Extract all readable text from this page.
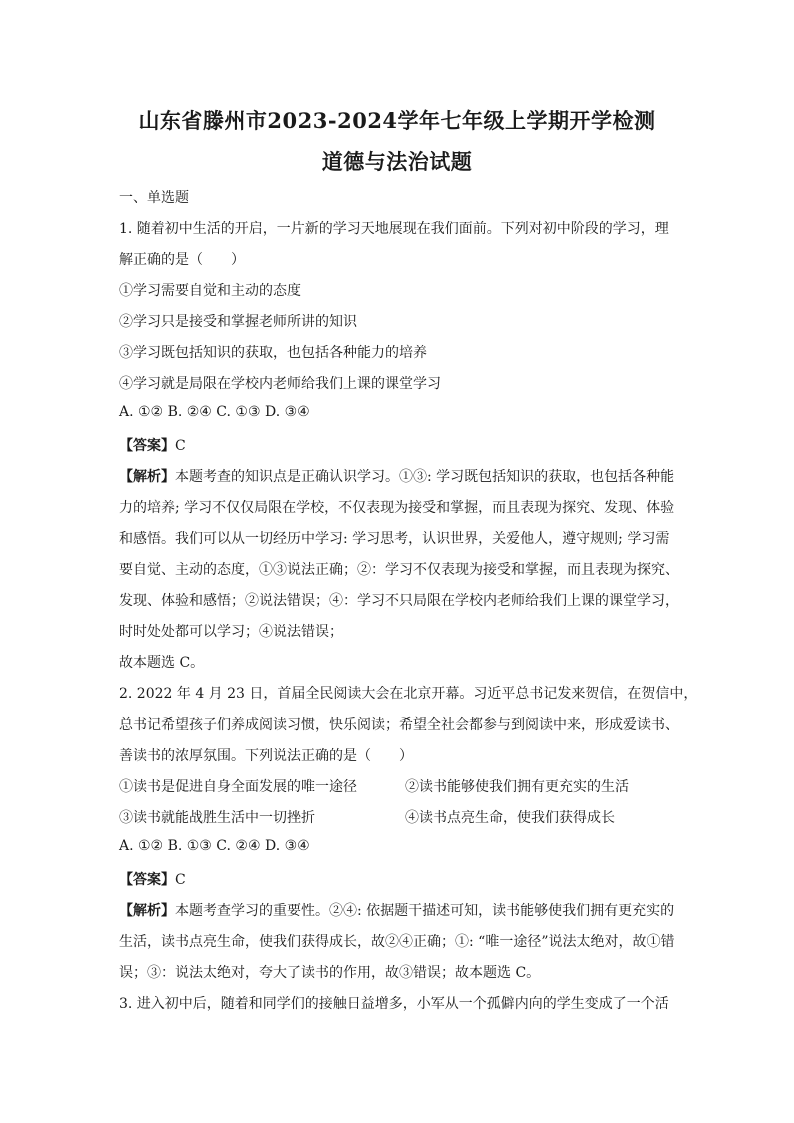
山东省滕州市2023-2024学年七年级上学期开学检测
道德与法治试题
一、单选题
1. 随着初中生活的开启，一片新的学习天地展现在我们面前。下列对初中阶段的学习，理
解正确的是（　　）
①学习需要自觉和主动的态度
②学习只是接受和掌握老师所讲的知识
③学习既包括知识的获取，也包括各种能力的培养
④学习就是局限在学校内老师给我们上课的课堂学习
A. ①② B. ②④ C. ①③ D. ③④
【答案】C
【解析】本题考查的知识点是正确认识学习。①③: 学习既包括知识的获取，也包括各种能
力的培养; 学习不仅仅局限在学校，不仅表现为接受和掌握，而且表现为探究、发现、体验
和感悟。我们可以从一切经历中学习: 学习思考，认识世界，关爱他人，遵守规则; 学习需
要自觉、主动的态度，①③说法正确；②：学习不仅表现为接受和掌握，而且表现为探究、
发现、体验和感悟；②说法错误；④：学习不只局限在学校内老师给我们上课的课堂学习，
时时处处都可以学习；④说法错误；
故本题选 C。
2. 2022 年 4 月 23 日，首届全民阅读大会在北京开幕。习近平总书记发来贺信，在贺信中，
总书记希望孩子们养成阅读习惯，快乐阅读；希望全社会都参与到阅读中来，形成爱读书、
善读书的浓厚氛围。下列说法正确的是（　　）
①读书是促进自身全面发展的唯一途径	②读书能够使我们拥有更充实的生活
③读书就能战胜生活中一切挫折	④读书点亮生命，使我们获得成长
A. ①② B. ①③ C. ②④ D. ③④
【答案】C
【解析】本题考查学习的重要性。②④: 依据题干描述可知，读书能够使我们拥有更充实的
生活，读书点亮生命，使我们获得成长，故②④正确；①: “唯一途径”说法太绝对，故①错
误；③：说法太绝对，夸大了读书的作用，故③错误；故本题选 C。
3. 进入初中后，随着和同学们的接触日益增多，小军从一个孤僻内向的学生变成了一个活
